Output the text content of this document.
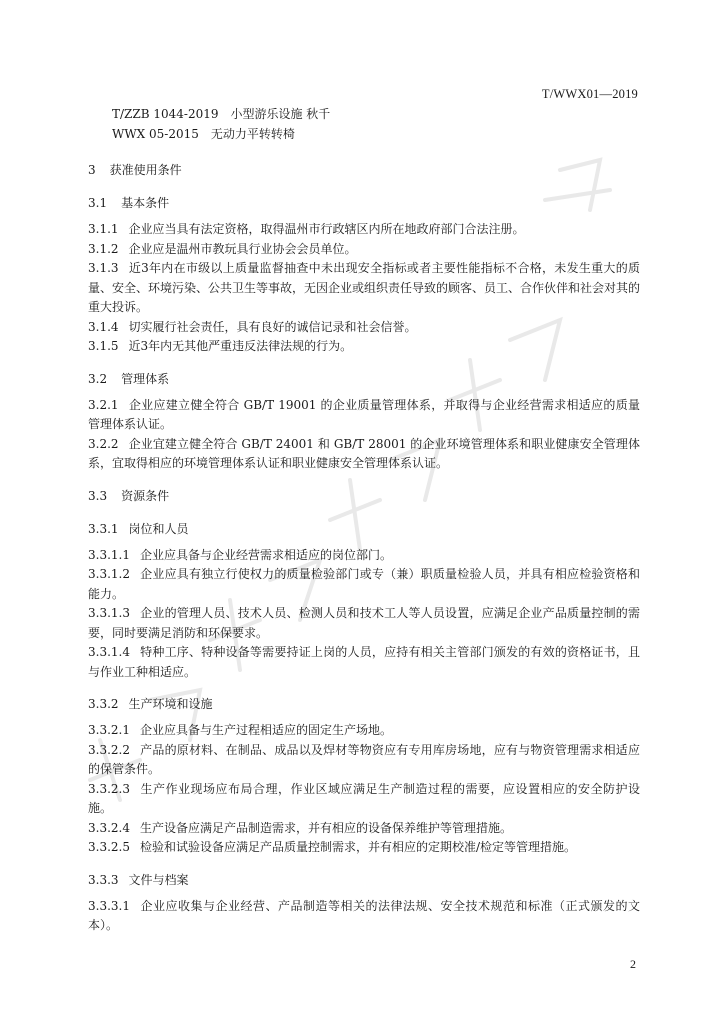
T/WWX01—2019
T/ZZB 1044-2019　小型游乐设施 秋千
WWX 05-2015　无动力平转转椅
3 获准使用条件
3.1 基本条件

3.1.1 企业应当具有法定资格，取得温州市行政辖区内所在地政府部门合法注册。

3.1.2 企业应是温州市教玩具行业协会会员单位。

3.1.3 近3年内在市级以上质量监督抽查中未出现安全指标或者主要性能指标不合格，未发生重大的质量、安全、环境污染、公共卫生等事故，无因企业或组织责任导致的顾客、员工、合作伙伴和社会对其的重大投诉。

3.1.4 切实履行社会责任，具有良好的诚信记录和社会信誉。

3.1.5 近3年内无其他严重违反法律法规的行为。

3.2 管理体系

3.2.1 企业应建立健全符合 GB/T 19001 的企业质量管理体系，并取得与企业经营需求相适应的质量管理体系认证。

3.2.2 企业宜建立健全符合 GB/T 24001 和 GB/T 28001 的企业环境管理体系和职业健康安全管理体系，宜取得相应的环境管理体系认证和职业健康安全管理体系认证。

3.3 资源条件
3.3.1 岗位和人员

3.3.1.1 企业应具备与企业经营需求相适应的岗位部门。

3.3.1.2 企业应具有独立行使权力的质量检验部门或专（兼）职质量检验人员，并具有相应检验资格和能力。

3.3.1.3 企业的管理人员、技术人员、检测人员和技术工人等人员设置，应满足企业产品质量控制的需要，同时要满足消防和环保要求。

3.3.1.4 特种工序、特种设备等需要持证上岗的人员，应持有相关主管部门颁发的有效的资格证书，且与作业工种相适应。

3.3.2 生产环境和设施

3.3.2.1 企业应具备与生产过程相适应的固定生产场地。

3.3.2.2 产品的原材料、在制品、成品以及焊材等物资应有专用库房场地，应有与物资管理需求相适应的保管条件。

3.3.2.3 生产作业现场应布局合理，作业区域应满足生产制造过程的需要，应设置相应的安全防护设施。

3.3.2.4 生产设备应满足产品制造需求，并有相应的设备保养维护等管理措施。

3.3.2.5 检验和试验设备应满足产品质量控制需求，并有相应的定期校准/检定等管理措施。

3.3.3 文件与档案

3.3.3.1 企业应收集与企业经营、产品制造等相关的法律法规、安全技术规范和标准（正式颁发的文本）。

2
